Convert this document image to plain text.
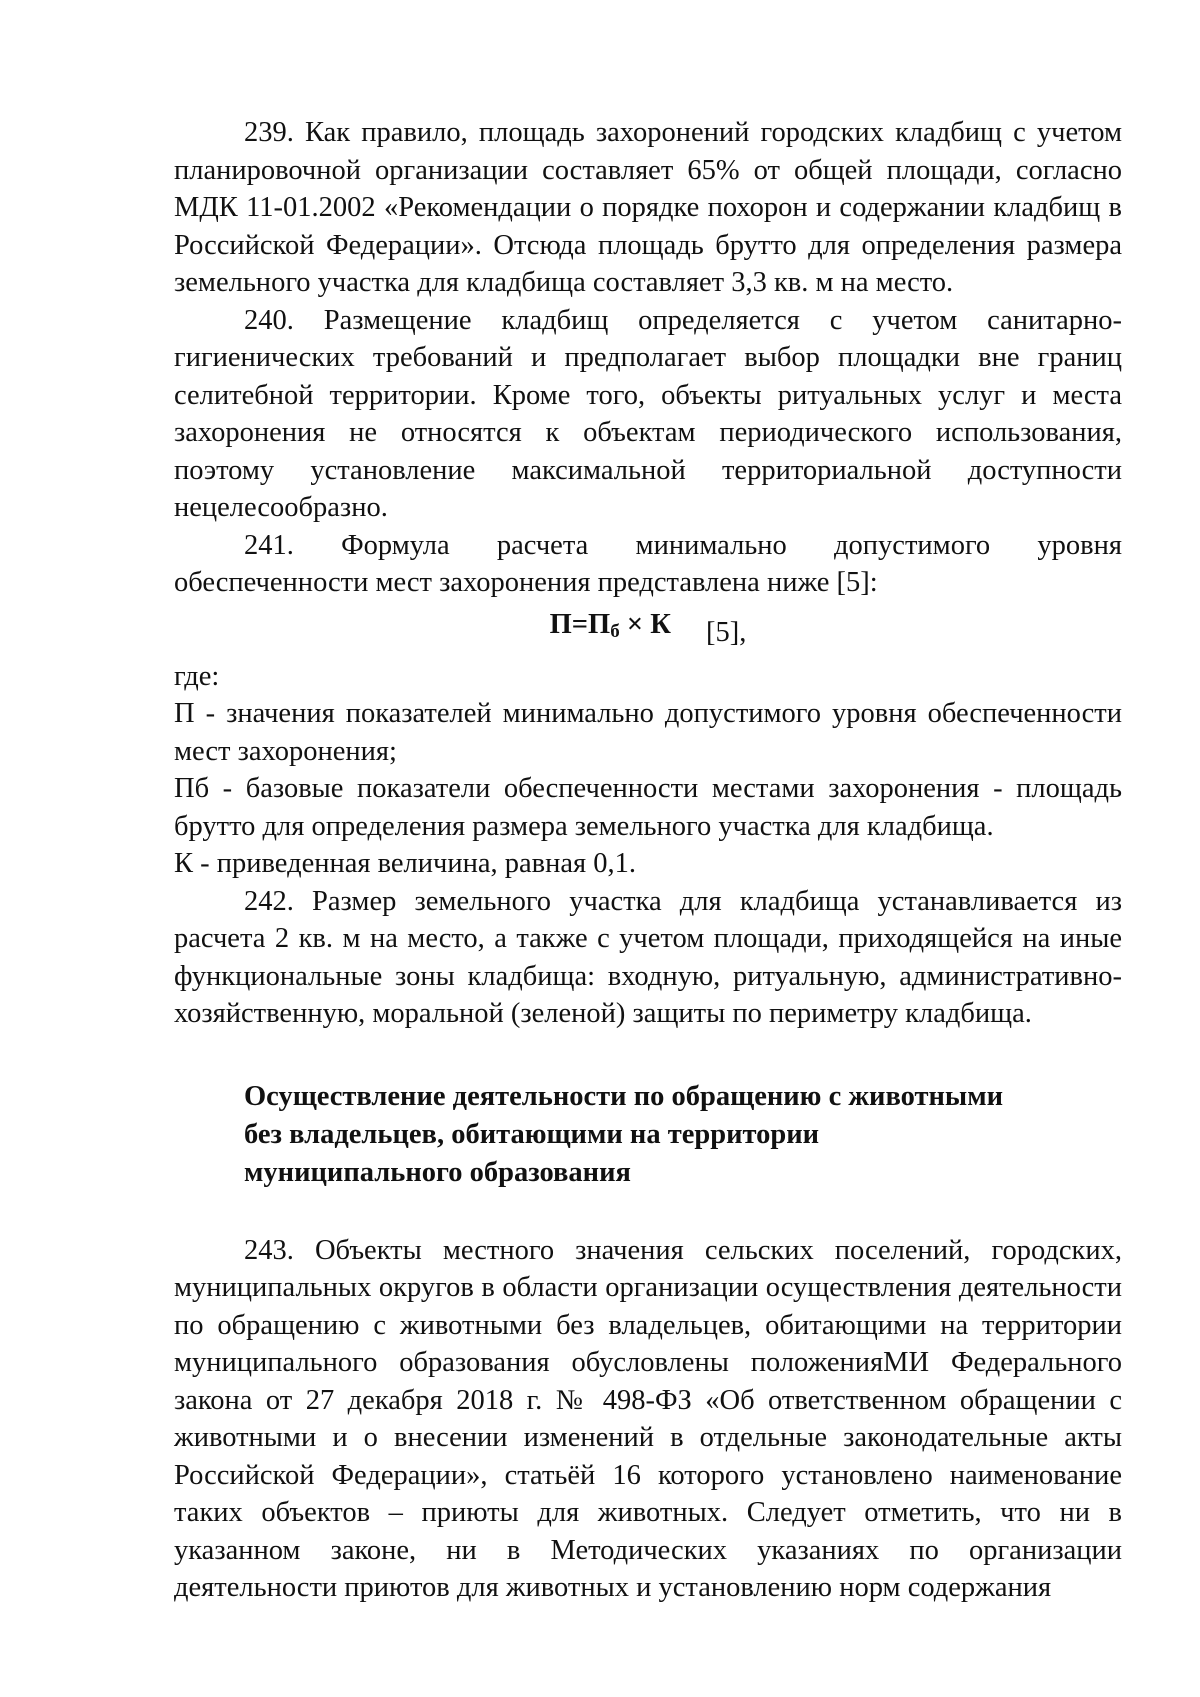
239. Как правило, площадь захоронений городских кладбищ с учетом планировочной организации составляет 65% от общей площади, согласно МДК 11-01.2002 «Рекомендации о порядке похорон и содержании кладбищ в Российской Федерации». Отсюда площадь брутто для определения размера земельного участка для кладбища составляет 3,3 кв. м на место.

240. Размещение кладбищ определяется с учетом санитарно-гигиенических требований и предполагает выбор площадки вне границ селитебной территории. Кроме того, объекты ритуальных услуг и места захоронения не относятся к объектам периодического использования, поэтому установление максимальной территориальной доступности нецелесообразно.

241. Формула расчета минимально допустимого уровня обеспеченности мест захоронения представлена ниже [5]:

П=Пб × К [5],

где:

П - значения показателей минимально допустимого уровня обеспеченности мест захоронения;

Пб - базовые показатели обеспеченности местами захоронения - площадь брутто для определения размера земельного участка для кладбища.

К - приведенная величина, равная 0,1.

242. Размер земельного участка для кладбища устанавливается из расчета 2 кв. м на место, а также с учетом площади, приходящейся на иные функциональные зоны кладбища: входную, ритуальную, административно-хозяйственную, моральной (зеленой) защиты по периметру кладбища.

Осуществление деятельности по обращению с животными без владельцев, обитающими на территории муниципального образования

243. Объекты местного значения сельских поселений, городских, муниципальных округов в области организации осуществления деятельности по обращению с животными без владельцев, обитающими на территории муниципального образования обусловлены положенияМИ Федерального закона от 27 декабря 2018 г. № 498-ФЗ «Об ответственном обращении с животными и о внесении изменений в отдельные законодательные акты Российской Федерации», статьёй 16 которого установлено наименование таких объектов – приюты для животных. Следует отметить, что ни в указанном законе, ни в Методических указаниях по организации деятельности приютов для животных и установлению норм содержания
